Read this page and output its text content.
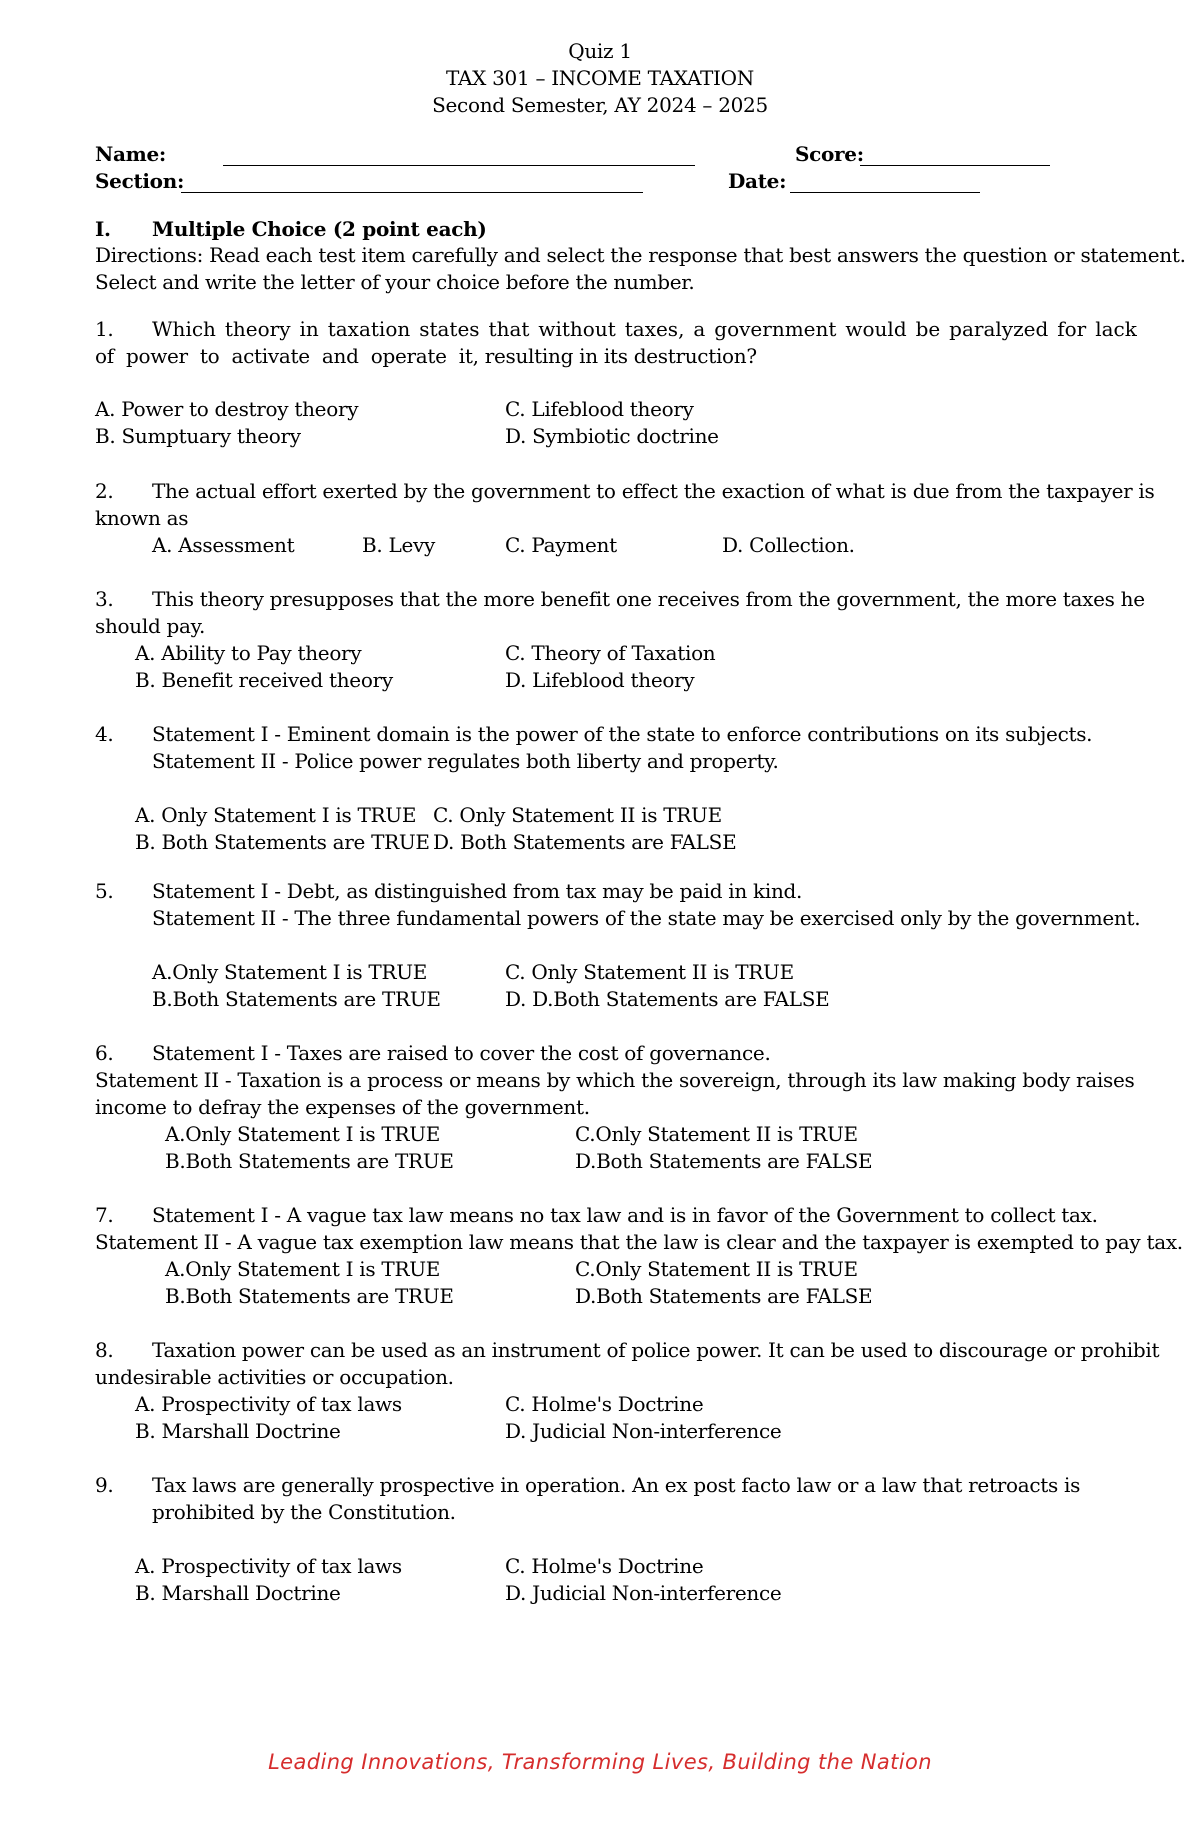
Quiz 1
TAX 301 – INCOME TAXATION
Second Semester, AY 2024 – 2025
Name:	Score:
Section:	Date:
I. Multiple Choice (2 point each)
Directions: Read each test item carefully and select the response that best answers the question or statement.
Select and write the letter of your choice before the number.
1. Which theory in taxation states that without taxes, a government would be paralyzed for lack
of  power  to  activate  and  operate  it, resulting in its destruction?
A. Power to destroy theory
B. Sumptuary theory
C. Lifeblood theory
D. Symbiotic doctrine
2. The actual effort exerted by the government to effect the exaction of what is due from the taxpayer is
known as
A. Assessment	B. Levy	C. Payment	D. Collection.
3. This theory presupposes that the more benefit one receives from the government, the more taxes he
should pay.
A. Ability to Pay theory
B. Benefit received theory
C. Theory of Taxation
D. Lifeblood theory
4. Statement I - Eminent domain is the power of the state to enforce contributions on its subjects.
Statement II - Police power regulates both liberty and property.
A. Only Statement I is TRUE
B. Both Statements are TRUE
C. Only Statement II is TRUE
D. Both Statements are FALSE
5. Statement I - Debt, as distinguished from tax may be paid in kind.
Statement II - The three fundamental powers of the state may be exercised only by the government.
A.Only Statement I is TRUE
B.Both Statements are TRUE
C. Only Statement II is TRUE
D. D.Both Statements are FALSE
6. Statement I - Taxes are raised to cover the cost of governance.
Statement II - Taxation is a process or means by which the sovereign, through its law making body raises
income to defray the expenses of the government.
A.Only Statement I is TRUE
B.Both Statements are TRUE
C.Only Statement II is TRUE
D.Both Statements are FALSE
7. Statement I - A vague tax law means no tax law and is in favor of the Government to collect tax.
Statement II - A vague tax exemption law means that the law is clear and the taxpayer is exempted to pay tax.
A.Only Statement I is TRUE
B.Both Statements are TRUE
C.Only Statement II is TRUE
D.Both Statements are FALSE
8. Taxation power can be used as an instrument of police power. It can be used to discourage or prohibit
undesirable activities or occupation.
A. Prospectivity of tax laws
B. Marshall Doctrine
C. Holme's Doctrine
D. Judicial Non-interference
9. Tax laws are generally prospective in operation. An ex post facto law or a law that retroacts is
prohibited by the Constitution.
A. Prospectivity of tax laws
B. Marshall Doctrine
C. Holme's Doctrine
D. Judicial Non-interference
Leading Innovations, Transforming Lives, Building the Nation
